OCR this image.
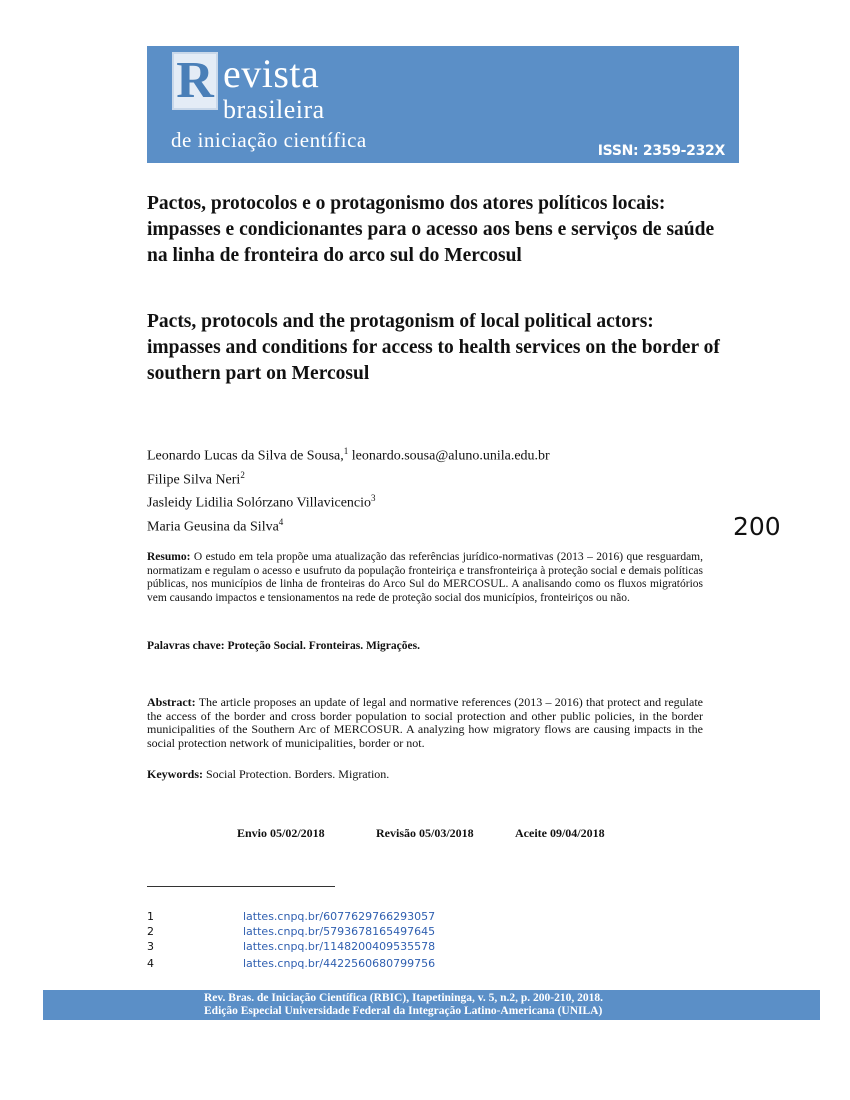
R evista
brasileira
de iniciação científica	ISSN: 2359-232X
Pactos, protocolos e o protagonismo dos atores políticos locais: impasses e condicionantes para o acesso aos bens e serviços de saúde na linha de fronteira do arco sul do Mercosul
Pacts, protocols and the protagonism of local political actors: impasses and conditions for access to health services on the border of southern part on Mercosul
Leonardo Lucas da Silva de Sousa,$^1$ leonardo.sousa@aluno.unila.edu.br
Filipe Silva Neri$^2$
Jasleidy Lidilia Solórzano Villavicencio$^3$
Maria Geusina da Silva$^4$	200

Resumo: O estudo em tela propõe uma atualização das referências jurídico-normativas (2013 – 2016) que resguardam, normatizam e regulam o acesso e usufruto da população fronteiriça e transfronteiriça à proteção social e demais políticas públicas, nos municípios de linha de fronteiras do Arco Sul do MERCOSUL. A analisando como os fluxos migratórios vem causando impactos e tensionamentos na rede de proteção social dos municípios, fronteiriços ou não.

Palavras chave: Proteção Social. Fronteiras. Migrações.

Abstract: The article proposes an update of legal and normative references (2013 – 2016) that protect and regulate the access of the border and cross border population to social protection and other public policies, in the border municipalities of the Southern Arc of MERCOSUR. A analyzing how migratory flows are causing impacts in the social protection network of municipalities, border or not.

Keywords: Social Protection. Borders. Migration.

Envio 05/02/2018	Revisão 05/03/2018	Aceite 09/04/2018
1	lattes.cnpq.br/6077629766293057
2	lattes.cnpq.br/5793678165497645
3	lattes.cnpq.br/1148200409535578
4	lattes.cnpq.br/4422560680799756
Rev. Bras. de Iniciação Científica (RBIC), Itapetininga, v. 5, n.2, p. 200-210, 2018.
Edição Especial Universidade Federal da Integração Latino-Americana (UNILA)
